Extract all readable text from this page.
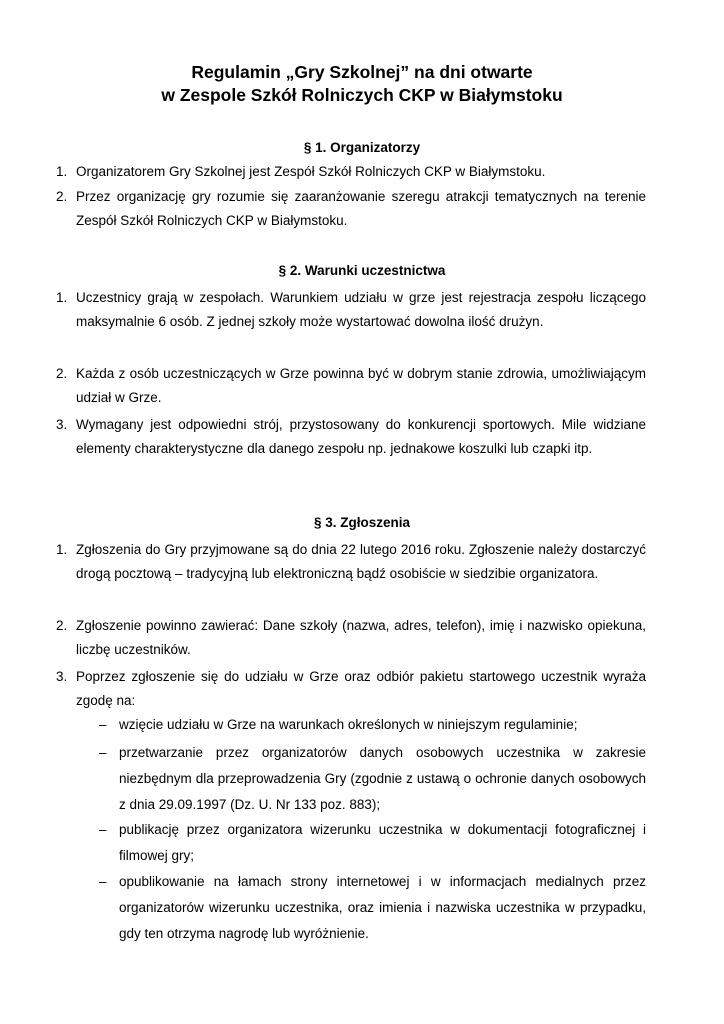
Regulamin „Gry Szkolnej” na dni otwarte
w Zespole Szkół Rolniczych CKP w Białymstoku
§ 1. Organizatorzy
1. Organizatorem Gry Szkolnej jest Zespół Szkół Rolniczych CKP w Białymstoku.
2. Przez organizację gry rozumie się zaaranżowanie szeregu atrakcji tematycznych na terenie Zespół Szkół Rolniczych CKP w Białymstoku.
§ 2. Warunki uczestnictwa
1. Uczestnicy grają w zespołach. Warunkiem udziału w grze jest rejestracja zespołu liczącego maksymalnie 6 osób. Z jednej szkoły może wystartować dowolna ilość drużyn.
2. Każda z osób uczestniczących w Grze powinna być w dobrym stanie zdrowia, umożliwiającym udział w Grze.
3. Wymagany jest odpowiedni strój, przystosowany do konkurencji sportowych. Mile widziane elementy charakterystyczne dla danego zespołu np. jednakowe koszulki lub czapki itp.
§ 3. Zgłoszenia
1. Zgłoszenia do Gry przyjmowane są do dnia 22 lutego 2016 roku. Zgłoszenie należy dostarczyć drogą pocztową – tradycyjną lub elektroniczną bądź osobiście w siedzibie organizatora.
2. Zgłoszenie powinno zawierać: Dane szkoły (nazwa, adres, telefon), imię i nazwisko opiekuna, liczbę uczestników.
3. Poprzez zgłoszenie się do udziału w Grze oraz odbiór pakietu startowego uczestnik wyraża zgodę na:
– wzięcie udziału w Grze na warunkach określonych w niniejszym regulaminie;
– przetwarzanie przez organizatorów danych osobowych uczestnika w zakresie niezbędnym dla przeprowadzenia Gry (zgodnie z ustawą o ochronie danych osobowych z dnia 29.09.1997 (Dz. U. Nr 133 poz. 883);
– publikację przez organizatora wizerunku uczestnika w dokumentacji fotograficznej i filmowej gry;
– opublikowanie na łamach strony internetowej i w informacjach medialnych przez organizatorów wizerunku uczestnika, oraz imienia i nazwiska uczestnika w przypadku, gdy ten otrzyma nagrodę lub wyróżnienie.
